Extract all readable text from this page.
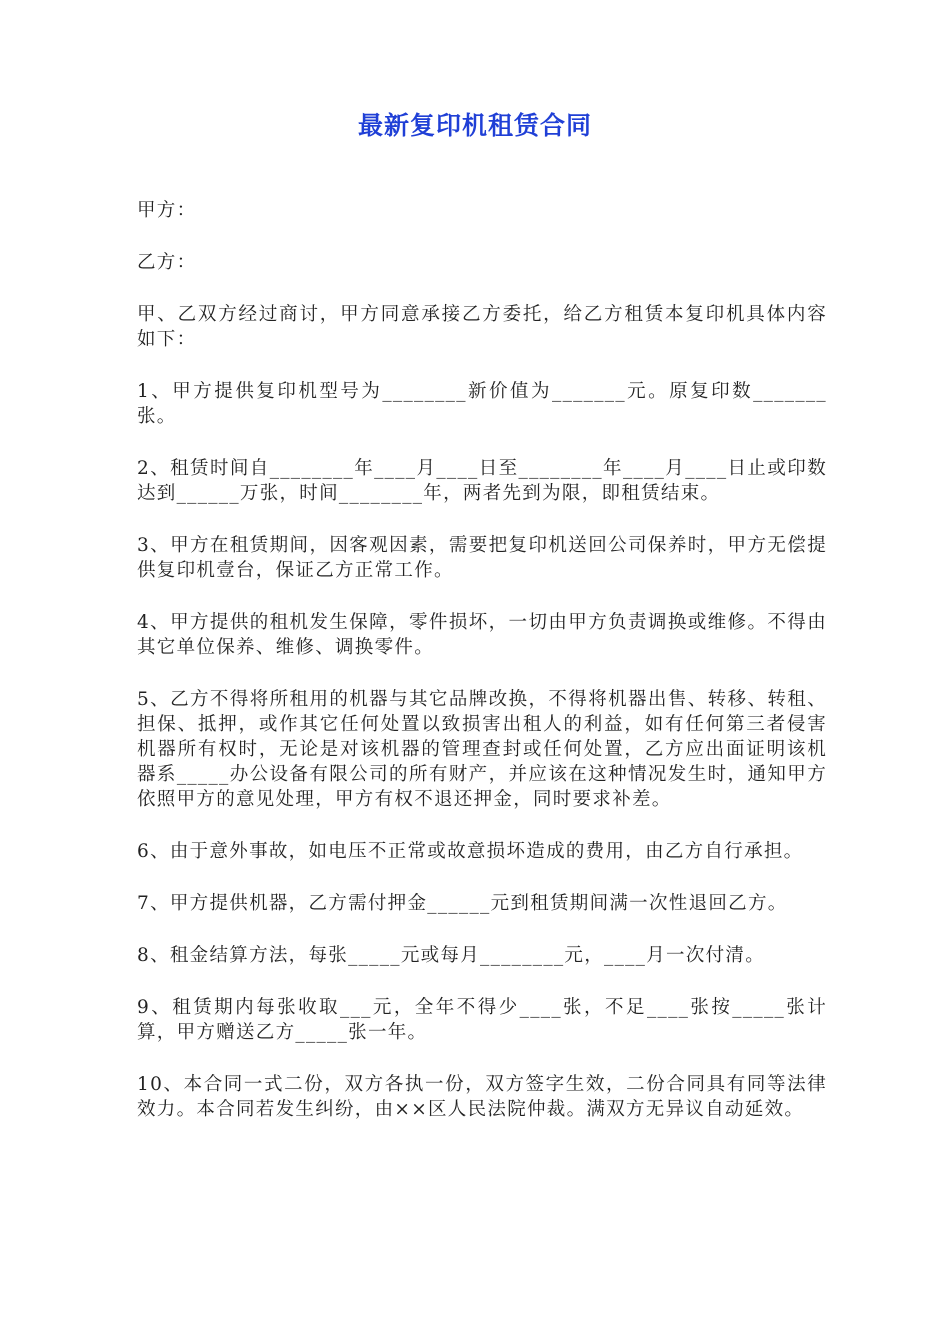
最新复印机租赁合同

甲方：

乙方：

甲、乙双方经过商讨，甲方同意承接乙方委托，给乙方租赁本复印机具体内容如下：

1、甲方提供复印机型号为________新价值为_______元。原复印数_______张。

2、租赁时间自________年____月____日至________年____月____日止或印数达到______万张，时间________年，两者先到为限，即租赁结束。

3、甲方在租赁期间，因客观因素，需要把复印机送回公司保养时，甲方无偿提供复印机壹台，保证乙方正常工作。

4、甲方提供的租机发生保障，零件损坏，一切由甲方负责调换或维修。不得由其它单位保养、维修、调换零件。

5、乙方不得将所租用的机器与其它品牌改换，不得将机器出售、转移、转租、担保、抵押，或作其它任何处置以致损害出租人的利益，如有任何第三者侵害机器所有权时，无论是对该机器的管理查封或任何处置，乙方应出面证明该机器系_____办公设备有限公司的所有财产，并应该在这种情况发生时，通知甲方依照甲方的意见处理，甲方有权不退还押金，同时要求补差。

6、由于意外事故，如电压不正常或故意损坏造成的费用，由乙方自行承担。

7、甲方提供机器，乙方需付押金______元到租赁期间满一次性退回乙方。

8、租金结算方法，每张_____元或每月________元，____月一次付清。

9、租赁期内每张收取___元，全年不得少____张，不足____张按_____张计算，甲方赠送乙方_____张一年。

10、本合同一式二份，双方各执一份，双方签字生效，二份合同具有同等法律效力。本合同若发生纠纷，由××区人民法院仲裁。满双方无异议自动延效。
